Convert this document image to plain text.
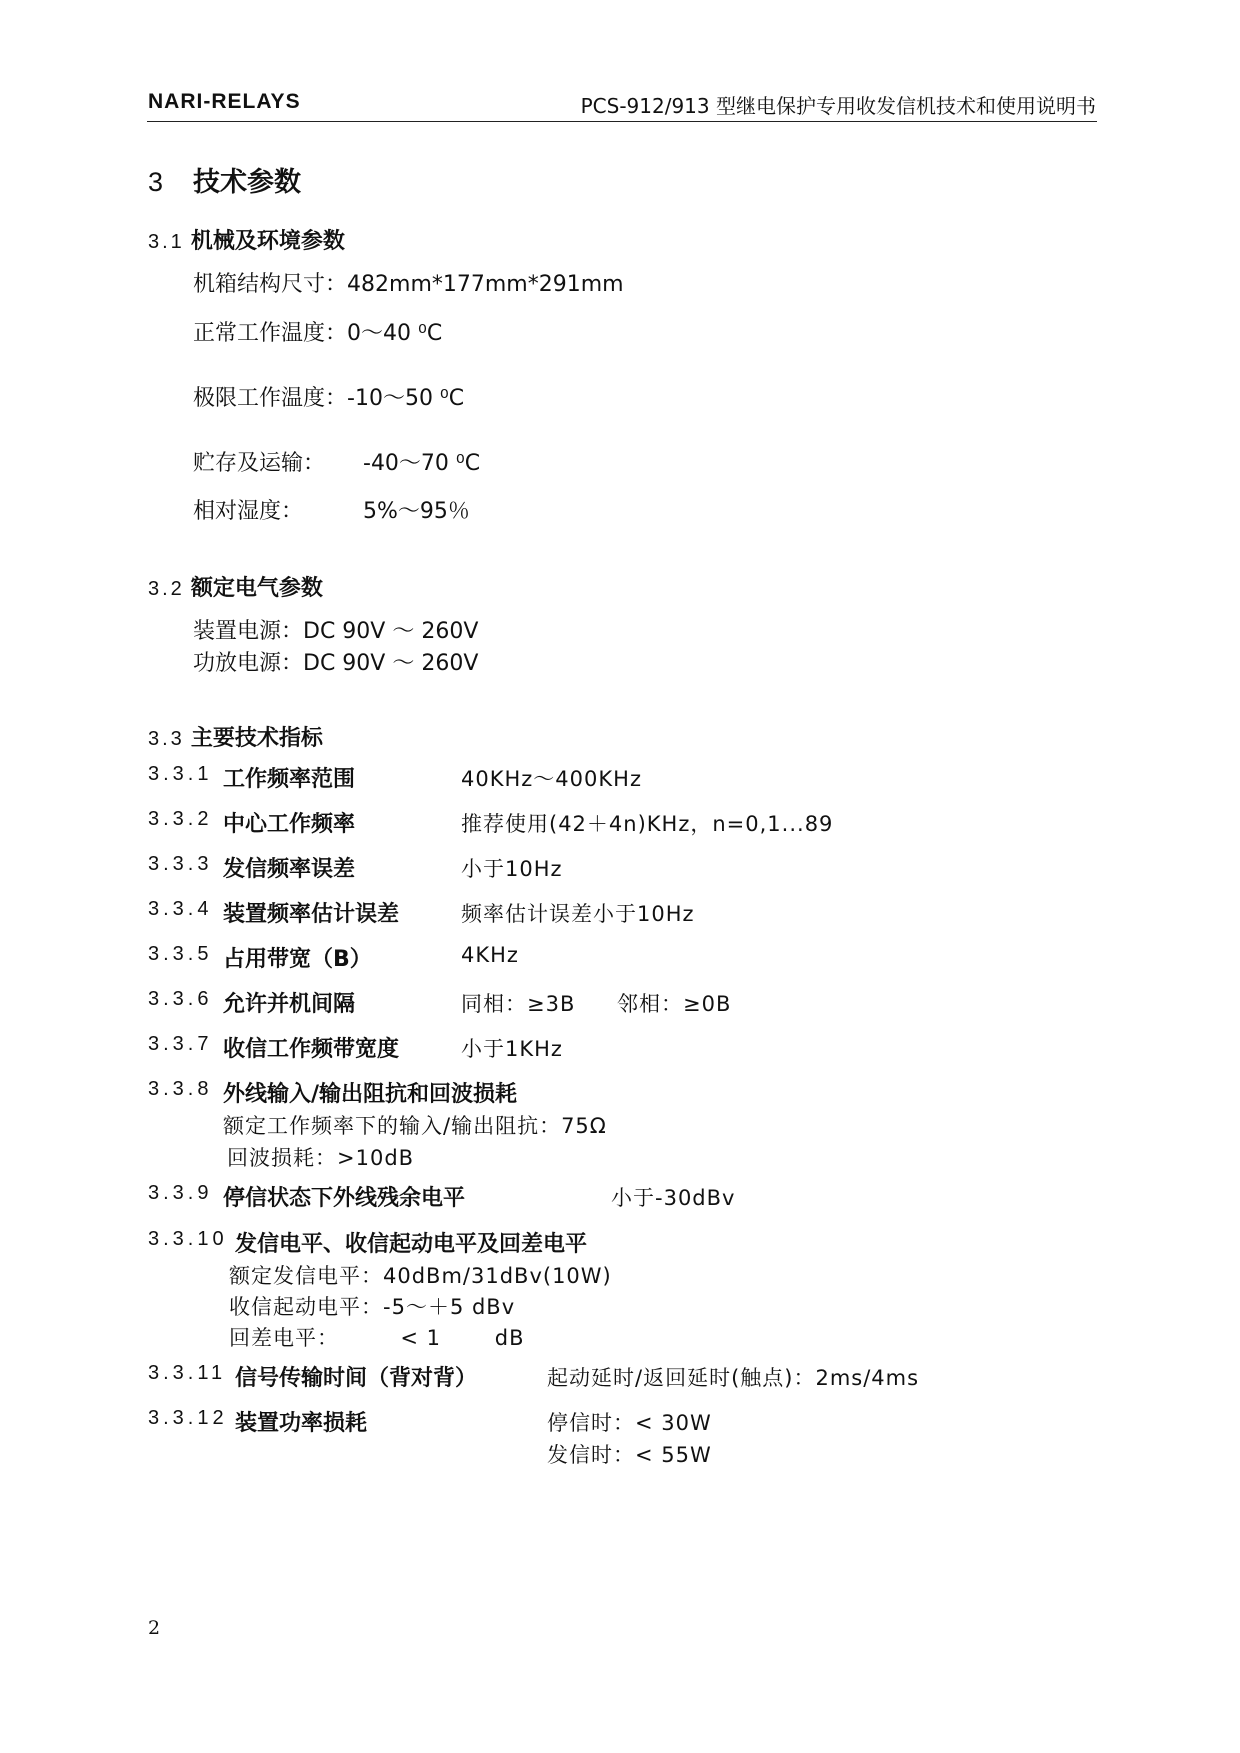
NARI-RELAYS	PCS-912/913 型继电保护专用收发信机技术和使用说明书
3 技术参数
3.1 机械及环境参数
机箱结构尺寸：482mm*177mm*291mm
正常工作温度：0～40 ⁰C
极限工作温度：-10～50 ⁰C
贮存及运输： -40～70 ⁰C
相对湿度：	5%～95％
3.2 额定电气参数
装置电源：DC 90V ～ 260V
功放电源：DC 90V ～ 260V
3.3 主要技术指标
3.3.1 工作频率范围	40KHz～400KHz
3.3.2 中心工作频率	推荐使用(42＋4n)KHz，n=0,1...89
3.3.3 发信频率误差	小于10Hz
3.3.4 装置频率估计误差	频率估计误差小于10Hz
3.3.5 占用带宽（B）	4KHz
3.3.6 允许并机间隔	同相：≥3B 邻相：≥0B
3.3.7 收信工作频带宽度	小于1KHz
3.3.8 外线输入/输出阻抗和回波损耗
额定工作频率下的输入/输出阻抗：75Ω
回波损耗：>10dB
3.3.9 停信状态下外线残余电平	小于-30dBv
3.3.10 发信电平、收信起动电平及回差电平
额定发信电平：40dBm/31dBv(10W)
收信起动电平：-5～＋5 dBv
回差电平：        < 1       dB
3.3.11 信号传输时间（背对背）	起动延时/返回延时(触点)：2ms/4ms
3.3.12 装置功率损耗	停信时：< 30W
发信时：< 55W
2
